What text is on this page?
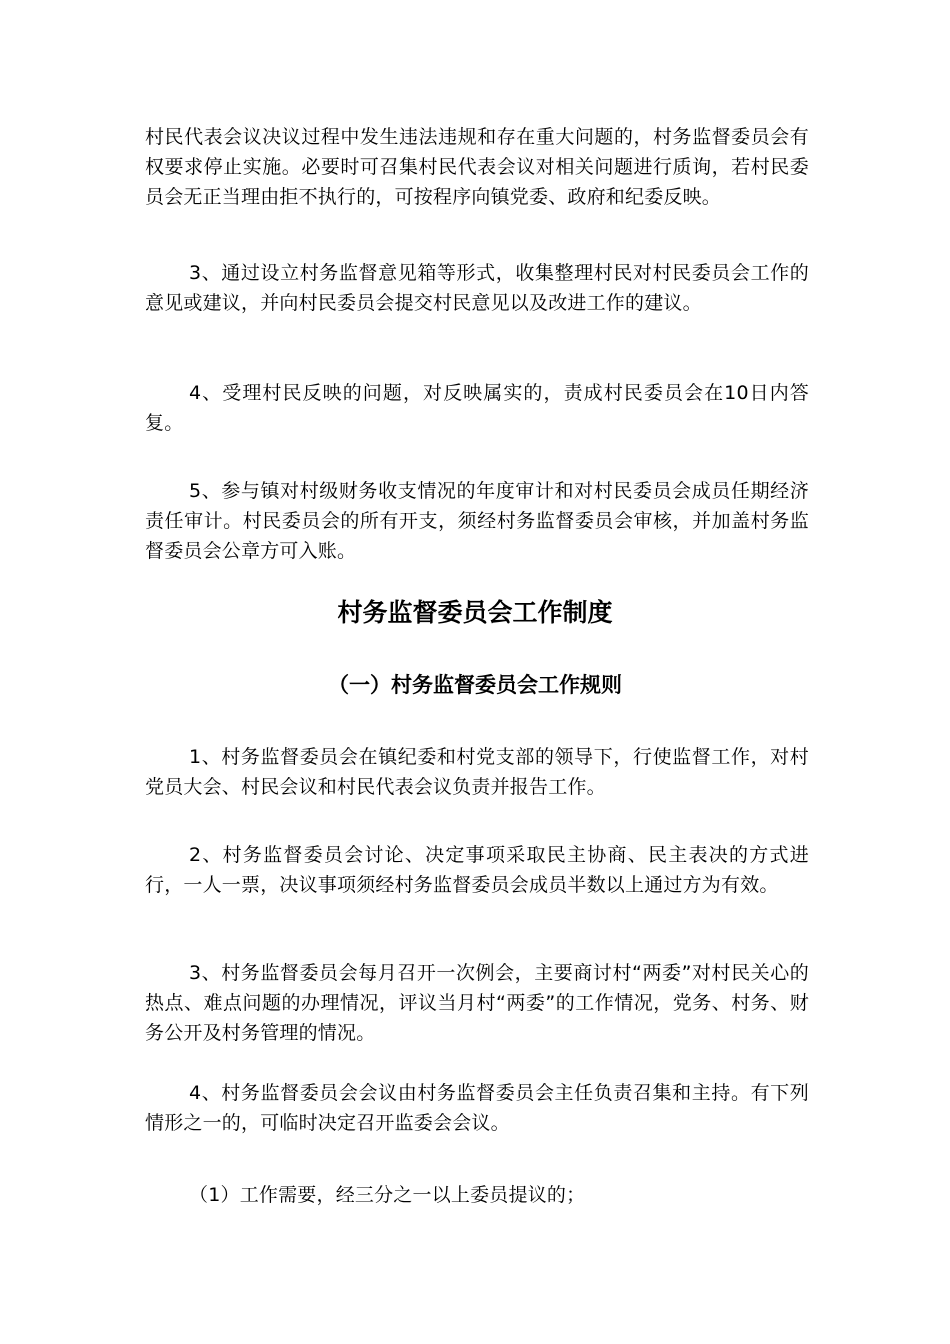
村民代表会议决议过程中发生违法违规和存在重大问题的，村务监督委员会有权要求停止实施。必要时可召集村民代表会议对相关问题进行质询，若村民委员会无正当理由拒不执行的，可按程序向镇党委、政府和纪委反映。

3、通过设立村务监督意见箱等形式，收集整理村民对村民委员会工作的意见或建议，并向村民委员会提交村民意见以及改进工作的建议。

4、受理村民反映的问题，对反映属实的，责成村民委员会在10日内答复。

5、参与镇对村级财务收支情况的年度审计和对村民委员会成员任期经济责任审计。村民委员会的所有开支，须经村务监督委员会审核，并加盖村务监督委员会公章方可入账。

村务监督委员会工作制度
（一）村务监督委员会工作规则

1、村务监督委员会在镇纪委和村党支部的领导下，行使监督工作，对村党员大会、村民会议和村民代表会议负责并报告工作。

2、村务监督委员会讨论、决定事项采取民主协商、民主表决的方式进行，一人一票，决议事项须经村务监督委员会成员半数以上通过方为有效。

3、村务监督委员会每月召开一次例会，主要商讨村“两委”对村民关心的热点、难点问题的办理情况，评议当月村“两委”的工作情况，党务、村务、财务公开及村务管理的情况。

4、村务监督委员会会议由村务监督委员会主任负责召集和主持。有下列情形之一的，可临时决定召开监委会会议。

（1）工作需要，经三分之一以上委员提议的；
